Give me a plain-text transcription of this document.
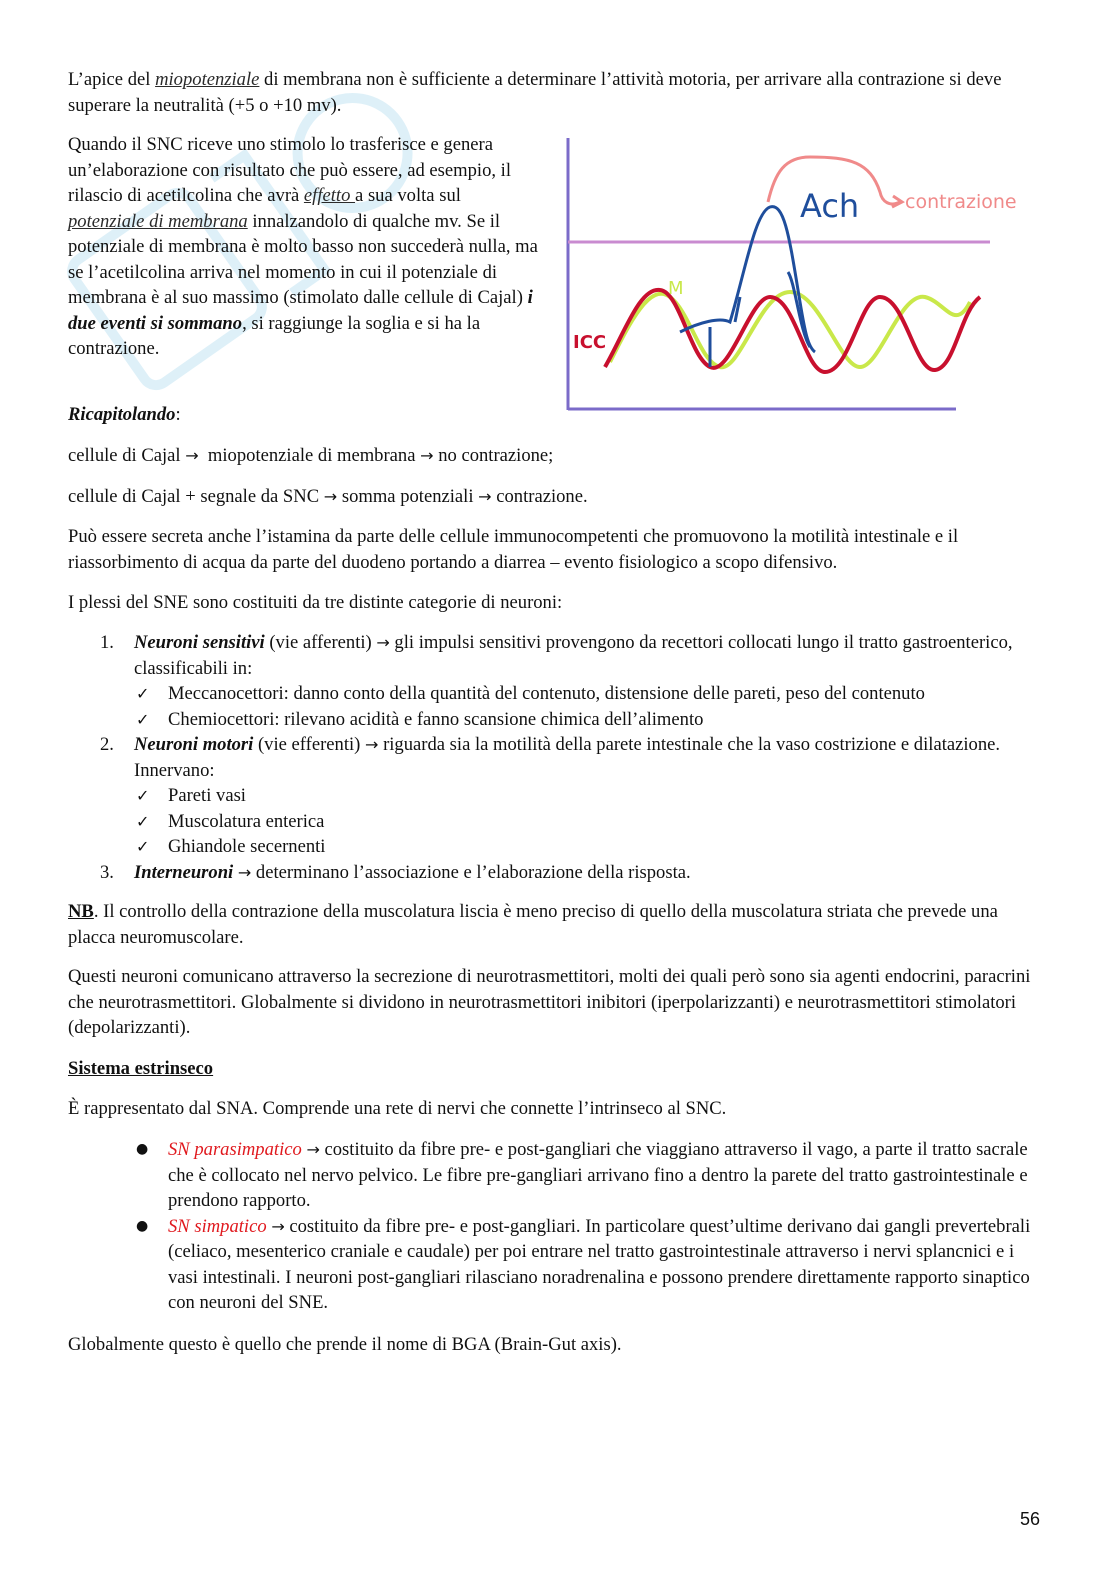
L’apice del miopotenziale di membrana non è sufficiente a determinare l’attività motoria, per arrivare alla contrazione si deve superare la neutralità (+5 o +10 mv).

Quando il SNC riceve uno stimolo lo trasferisce e genera un’elaborazione con risultato che può essere, ad esempio, il rilascio di acetilcolina che avrà effetto a sua volta sul potenziale di membrana innalzandolo di qualche mv. Se il potenziale di membrana è molto basso non succederà nulla, ma se l’acetilcolina arriva nel momento in cui il potenziale di membrana è al suo massimo (stimolato dalle cellule di Cajal) i due eventi si sommano, si raggiunge la soglia e si ha la contrazione.

Ach contrazione
M
ICC

Ricapitolando:

cellule di Cajal → miopotenziale di membrana → no contrazione;
cellule di Cajal + segnale da SNC → somma potenziali → contrazione.

Può essere secreta anche l’istamina da parte delle cellule immunocompetenti che promuovono la motilità intestinale e il riassorbimento di acqua da parte del duodeno portando a diarrea – evento fisiologico a scopo difensivo.

I plessi del SNE sono costituiti da tre distinte categorie di neuroni:

1. Neuroni sensitivi (vie afferenti) → gli impulsi sensitivi provengono da recettori collocati lungo il tratto gastroenterico, classificabili in:
✓ Meccanocettori: danno conto della quantità del contenuto, distensione delle pareti, peso del contenuto
✓ Chemiocettori: rilevano acidità e fanno scansione chimica dell’alimento
2. Neuroni motori (vie efferenti) → riguarda sia la motilità della parete intestinale che la vaso costrizione e dilatazione. Innervano:
✓ Pareti vasi
✓ Muscolatura enterica
✓ Ghiandole secernenti
3. Interneuroni → determinano l’associazione e l’elaborazione della risposta.

NB. Il controllo della contrazione della muscolatura liscia è meno preciso di quello della muscolatura striata che prevede una placca neuromuscolare.

Questi neuroni comunicano attraverso la secrezione di neurotrasmettitori, molti dei quali però sono sia agenti endocrini, paracrini che neurotrasmettitori. Globalmente si dividono in neurotrasmettitori inibitori (iperpolarizzanti) e neurotrasmettitori stimolatori (depolarizzanti).

Sistema estrinseco

È rappresentato dal SNA. Comprende una rete di nervi che connette l’intrinseco al SNC.

● SN parasimpatico → costituito da fibre pre- e post-gangliari che viaggiano attraverso il vago, a parte il tratto sacrale che è collocato nel nervo pelvico. Le fibre pre-gangliari arrivano fino a dentro la parete del tratto gastrointestinale e prendono rapporto.
● SN simpatico → costituito da fibre pre- e post-gangliari. In particolare quest’ultime derivano dai gangli prevertebrali (celiaco, mesenterico craniale e caudale) per poi entrare nel tratto gastrointestinale attraverso i nervi splancnici e i vasi intestinali. I neuroni post-gangliari rilasciano noradrenalina e possono prendere direttamente rapporto sinaptico con neuroni del SNE.

Globalmente questo è quello che prende il nome di BGA (Brain-Gut axis).

56
